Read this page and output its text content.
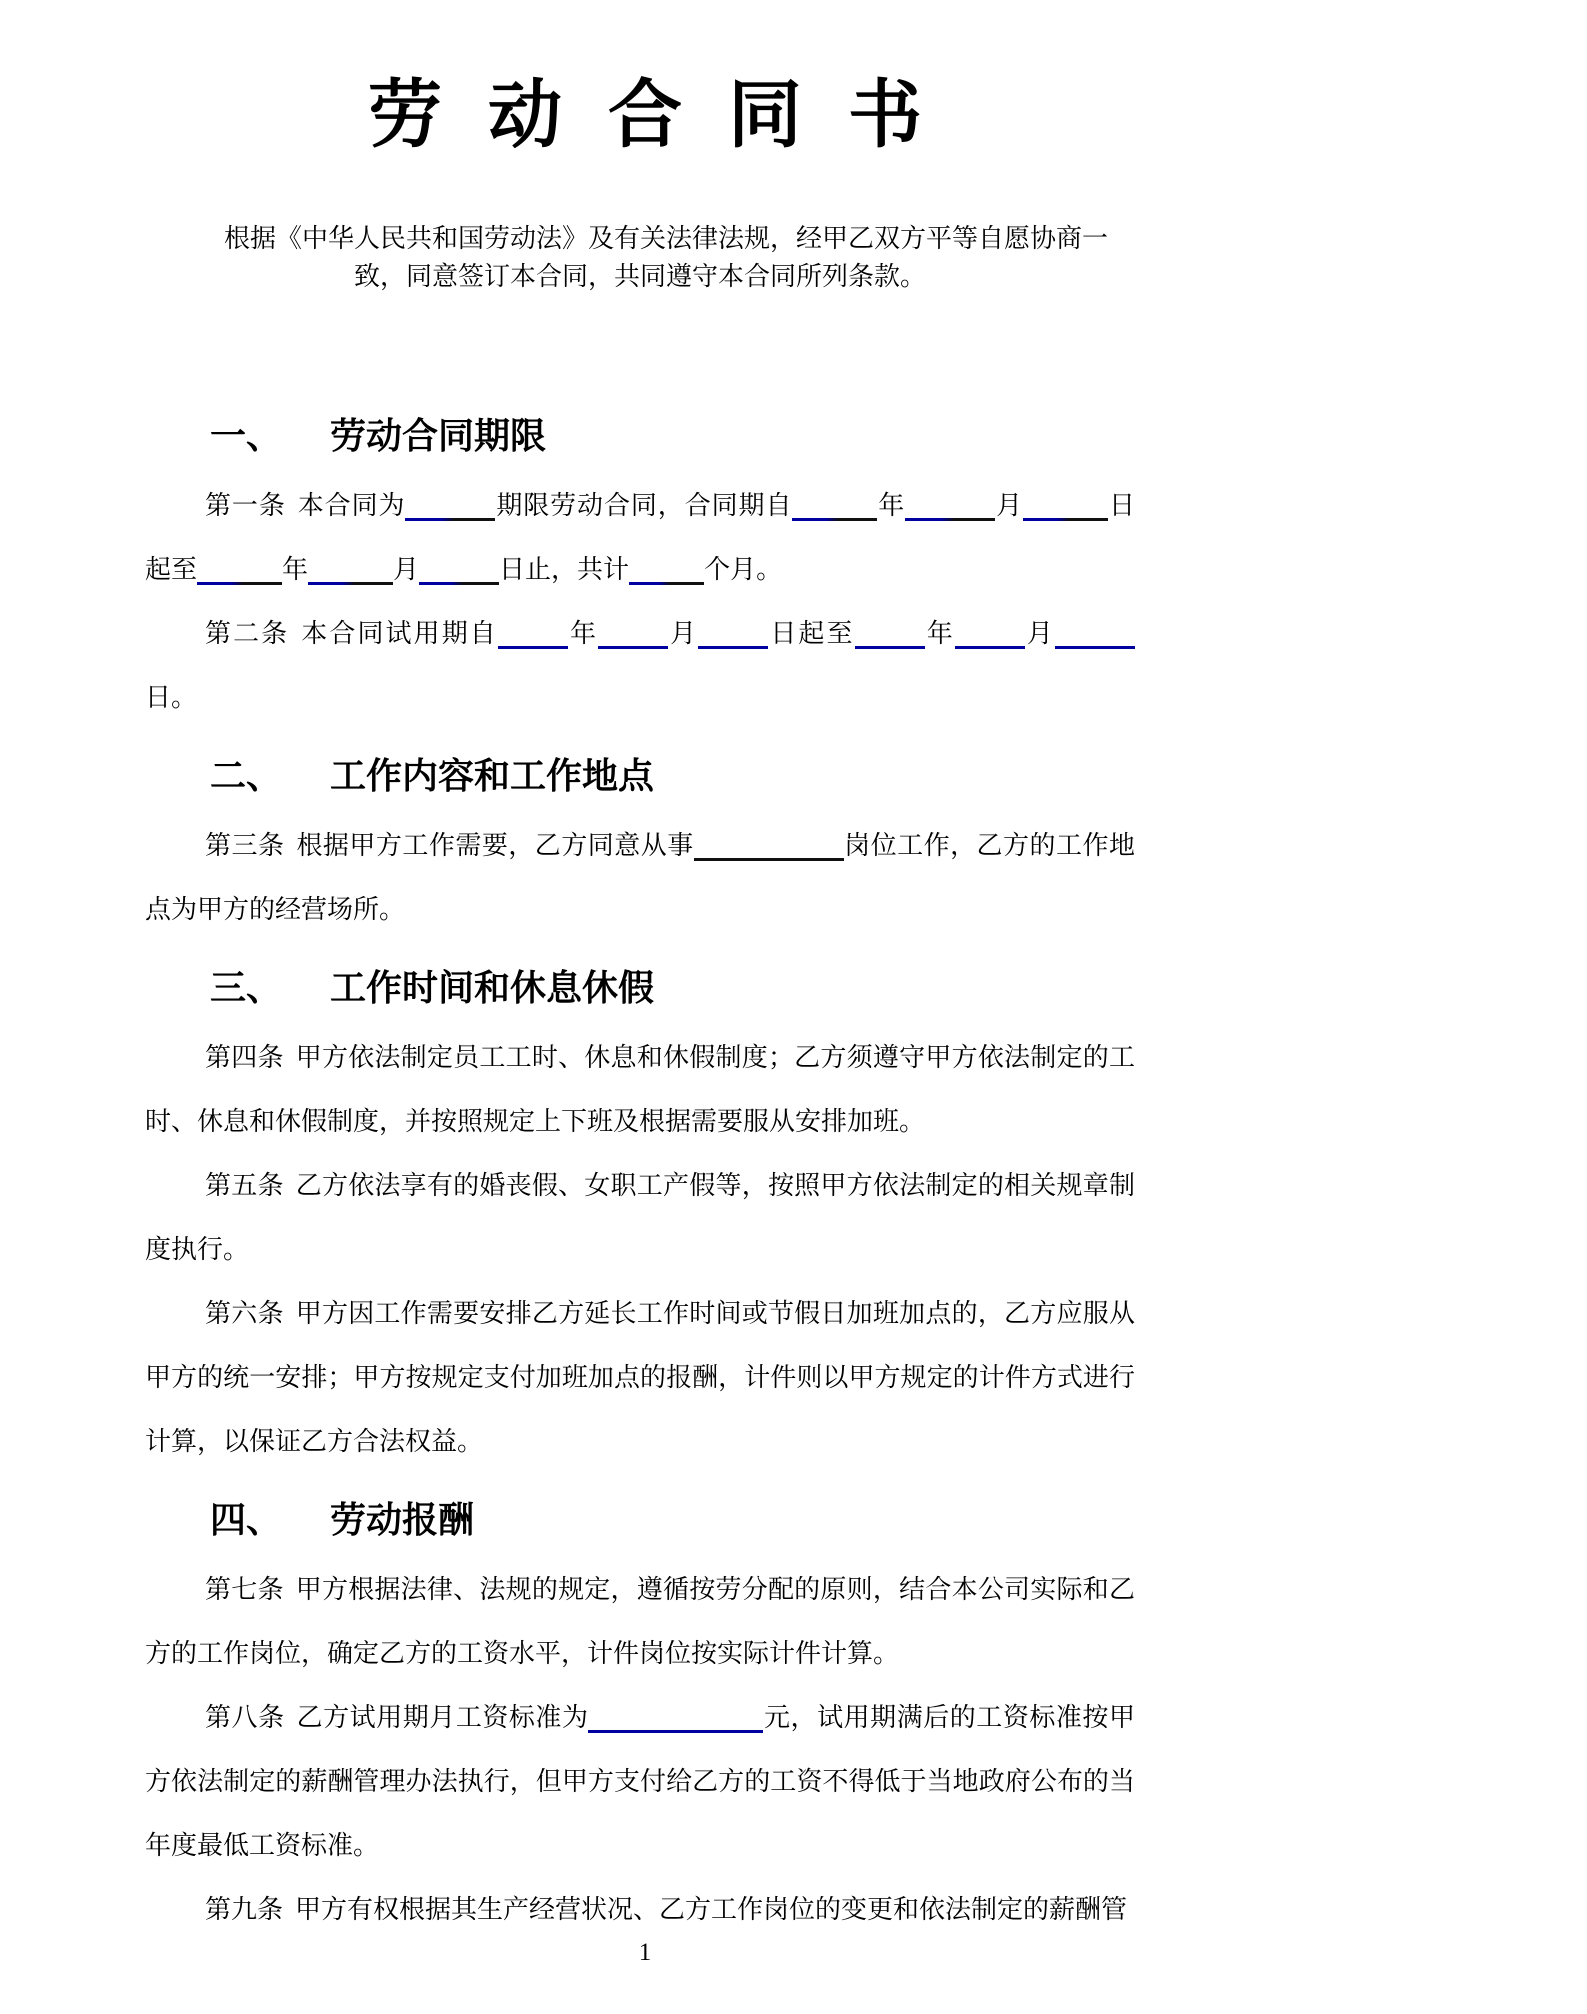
劳动合同书

根据《中华人民共和国劳动法》及有关法律法规，经甲乙双方平等自愿协商一致，同意签订本合同，共同遵守本合同所列条款。

一、 劳动合同期限

第一条 本合同为	期限劳动合同，合同期自	年	月	日起至	年	月	日止，共计	个月。

第二条 本合同试用期自	年	月	日起至	年	月日。

二、 工作内容和工作地点

第三条 根据甲方工作需要，乙方同意从事	岗位工作，乙方的工作地点为甲方的经营场所。

三、 工作时间和休息休假

第四条 甲方依法制定员工工时、休息和休假制度；乙方须遵守甲方依法制定的工时、休息和休假制度，并按照规定上下班及根据需要服从安排加班。

第五条 乙方依法享有的婚丧假、女职工产假等，按照甲方依法制定的相关规章制度执行。

第六条 甲方因工作需要安排乙方延长工作时间或节假日加班加点的，乙方应服从甲方的统一安排；甲方按规定支付加班加点的报酬，计件则以甲方规定的计件方式进行计算，以保证乙方合法权益。

四、 劳动报酬

第七条 甲方根据法律、法规的规定，遵循按劳分配的原则，结合本公司实际和乙方的工作岗位，确定乙方的工资水平，计件岗位按实际计件计算。

第八条 乙方试用期月工资标准为	元，试用期满后的工资标准按甲方依法制定的薪酬管理办法执行，但甲方支付给乙方的工资不得低于当地政府公布的当年度最低工资标准。

第九条 甲方有权根据其生产经营状况、乙方工作岗位的变更和依法制定的薪酬管

1
